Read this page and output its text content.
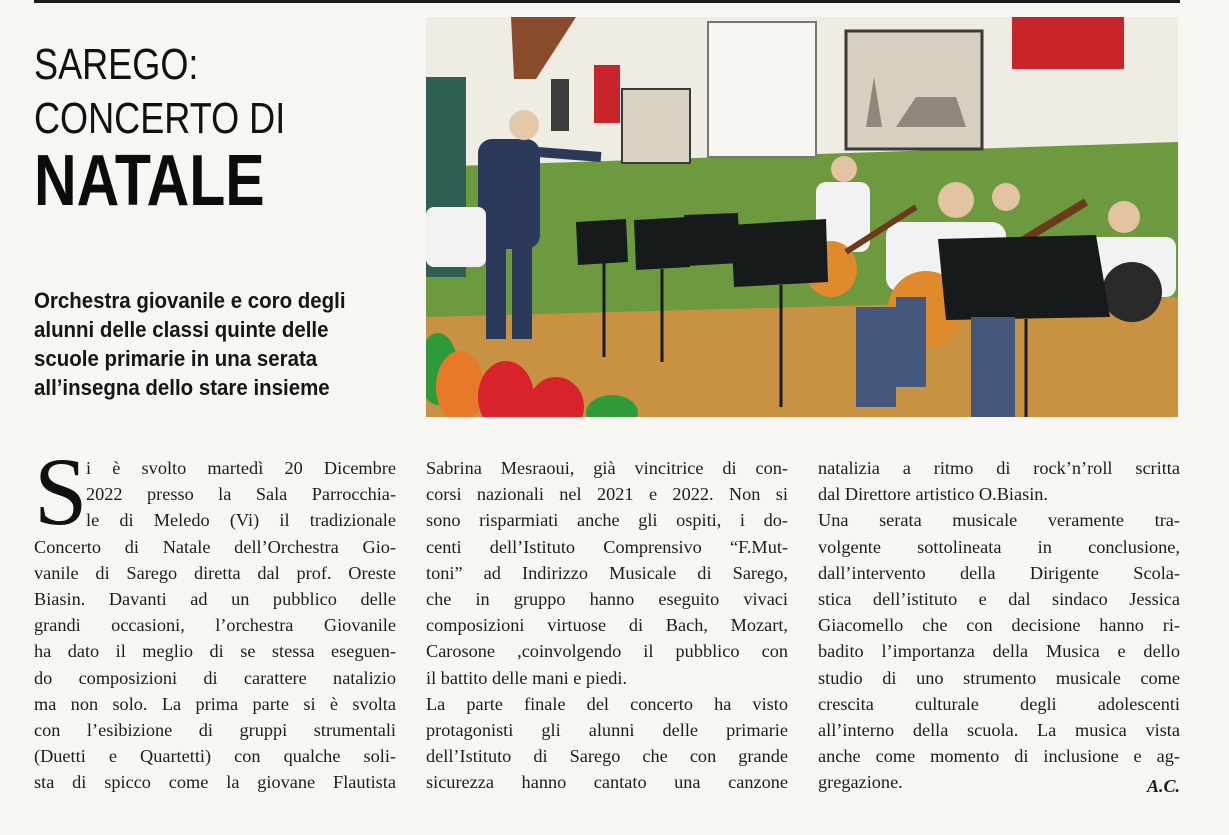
SAREGO:
CONCERTO DI
NATALE
Orchestra giovanile e coro degli
alunni delle classi quinte delle
scuole primarie in una serata
all’insegna dello stare insieme
S
i è svolto martedì 20 Dicembre
2022 presso la Sala Parrocchia-
le di Meledo (Vi) il tradizionale
Concerto di Natale dell’Orchestra Gio-
vanile di Sarego diretta dal prof. Oreste
Biasin. Davanti ad un pubblico delle
grandi occasioni, l’orchestra Giovanile
ha dato il meglio di se stessa eseguen-
do composizioni di carattere natalizio
ma non solo. La prima parte si è svolta
con l’esibizione di gruppi strumentali
(Duetti e Quartetti) con qualche soli-
sta di spicco come la giovane Flautista
Sabrina Mesraoui, già vincitrice di con-
corsi nazionali nel 2021 e 2022. Non si
sono risparmiati anche gli ospiti, i do-
centi dell’Istituto Comprensivo “F.Mut-
toni” ad Indirizzo Musicale di Sarego,
che in gruppo hanno eseguito vivaci
composizioni virtuose di Bach, Mozart,
Carosone ,coinvolgendo il pubblico con
il battito delle mani e piedi.
La parte finale del concerto ha visto
protagonisti gli alunni delle primarie
dell’Istituto di Sarego che con grande
sicurezza hanno cantato una canzone
natalizia a ritmo di rock’n’roll scritta
dal Direttore artistico O.Biasin.
Una serata musicale veramente tra-
volgente sottolineata in conclusione,
dall’intervento della Dirigente Scola-
stica dell’istituto e dal sindaco Jessica
Giacomello che con decisione hanno ri-
badito l’importanza della Musica e dello
studio di uno strumento musicale come
crescita culturale degli adolescenti
all’interno della scuola. La musica vista
anche come momento di inclusione e ag-
gregazione.	A.C.
